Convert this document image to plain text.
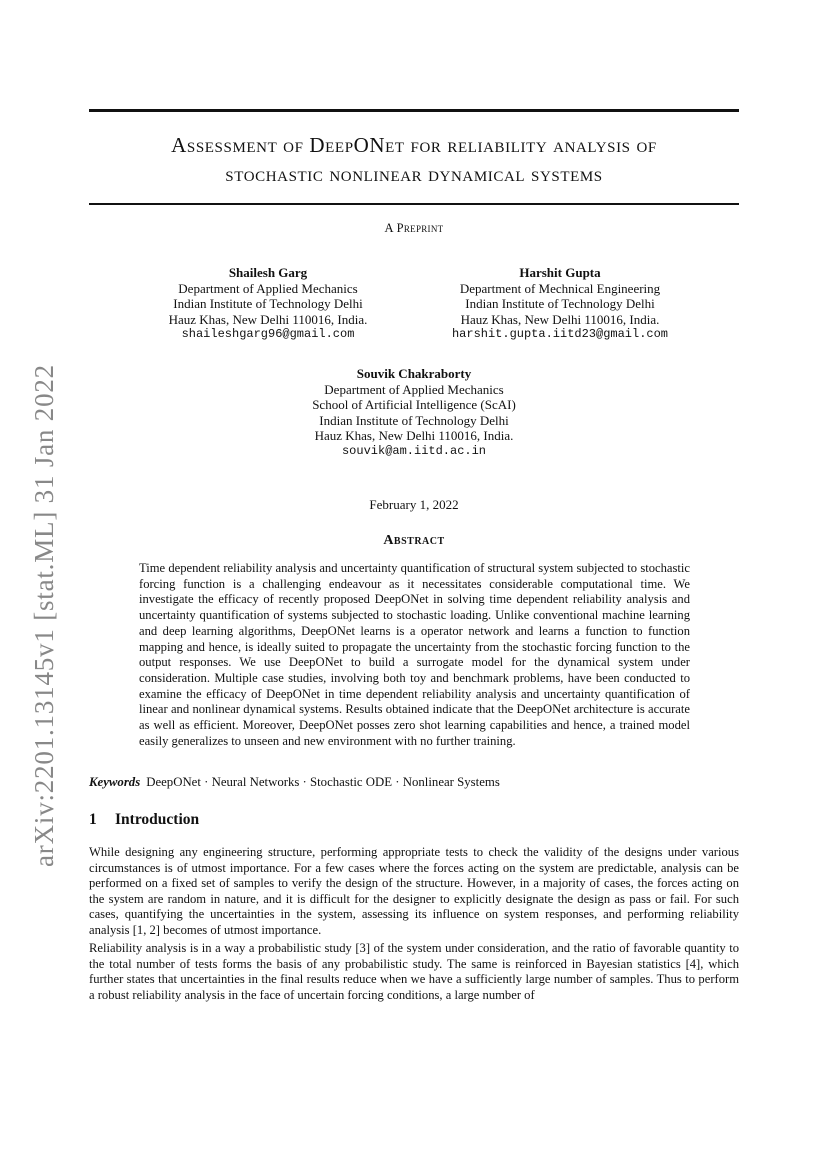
arXiv:2201.13145v1 [stat.ML] 31 Jan 2022
Assessment of DeepONet for reliability analysis of
stochastic nonlinear dynamical systems
A Preprint
Shailesh Garg
Department of Applied Mechanics
Indian Institute of Technology Delhi
Hauz Khas, New Delhi 110016, India.
shaileshgarg96@gmail.com
Harshit Gupta
Department of Mechnical Engineering
Indian Institute of Technology Delhi
Hauz Khas, New Delhi 110016, India.
harshit.gupta.iitd23@gmail.com
Souvik Chakraborty
Department of Applied Mechanics
School of Artificial Intelligence (ScAI)
Indian Institute of Technology Delhi
Hauz Khas, New Delhi 110016, India.
souvik@am.iitd.ac.in
February 1, 2022
Abstract

Time dependent reliability analysis and uncertainty quantification of structural system subjected to stochastic forcing function is a challenging endeavour as it necessitates considerable computational time. We investigate the efficacy of recently proposed DeepONet in solving time dependent reliability analysis and uncertainty quantification of systems subjected to stochastic loading. Unlike conventional machine learning and deep learning algorithms, DeepONet learns is a operator network and learns a function to function mapping and hence, is ideally suited to propagate the uncertainty from the stochastic forcing function to the output responses. We use DeepONet to build a surrogate model for the dynamical system under consideration. Multiple case studies, involving both toy and benchmark problems, have been conducted to examine the efficacy of DeepONet in time dependent reliability analysis and uncertainty quantification of linear and nonlinear dynamical systems. Results obtained indicate that the DeepONet architecture is accurate as well as efficient. Moreover, DeepONet posses zero shot learning capabilities and hence, a trained model easily generalizes to unseen and new environment with no further training.

Keywords DeepONet · Neural Networks · Stochastic ODE · Nonlinear Systems
1 Introduction

While designing any engineering structure, performing appropriate tests to check the validity of the designs under various circumstances is of utmost importance. For a few cases where the forces acting on the system are predictable, analysis can be performed on a fixed set of samples to verify the design of the structure. However, in a majority of cases, the forces acting on the system are random in nature, and it is difficult for the designer to explicitly designate the design as pass or fail. For such cases, quantifying the uncertainties in the system, assessing its influence on system responses, and performing reliability analysis [1, 2] becomes of utmost importance.

Reliability analysis is in a way a probabilistic study [3] of the system under consideration, and the ratio of favorable quantity to the total number of tests forms the basis of any probabilistic study. The same is reinforced in Bayesian statistics [4], which further states that uncertainties in the final results reduce when we have a sufficiently large number of samples. Thus to perform a robust reliability analysis in the face of uncertain forcing conditions, a large number of
